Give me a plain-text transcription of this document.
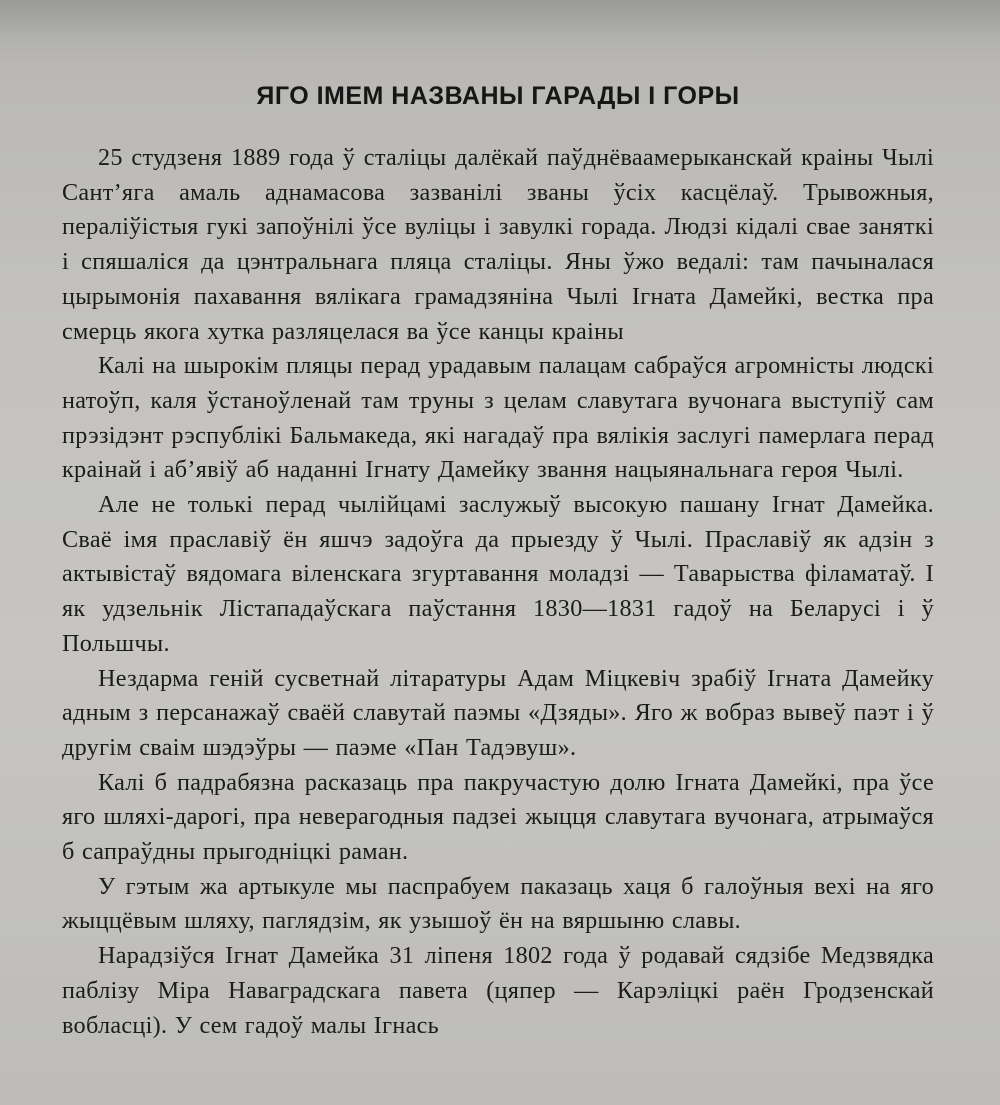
ЯГО ІМЕМ НАЗВАНЫ ГАРАДЫ І ГОРЫ

25 студзеня 1889 года ў сталіцы далёкай паўднёваамерыканскай краіны Чылі Сант’яга амаль аднамасова зазванілі званы ўсіх касцёлаў. Трывожныя, пераліўістыя гукі запоўнілі ўсе вуліцы і завулкі горада. Людзі кідалі свае заняткі і спяшаліся да цэнтральнага пляца сталіцы. Яны ўжо ведалі: там пачыналася цырымонія пахавання вялікага грамадзяніна Чылі Ігната Дамейкі, вестка пра смерць якога хутка разляцелася ва ўсе канцы краіны

Калі на шырокім пляцы перад урадавым палацам сабраўся агромністы людскі натоўп, каля ўстаноўленай там труны з целам славутага вучонага выступіў сам прэзідэнт рэспублікі Бальмакеда, які нагадаў пра вялікія заслугі памерлага перад краінай і аб’явіў аб наданні Ігнату Дамейку звання нацыянальнага героя Чылі.

Але не толькі перад чылійцамі заслужыў высокую пашану Ігнат Дамейка. Сваё імя праславіў ён яшчэ задоўга да прыезду ў Чылі. Праславіў як адзін з актывістаў вядомага віленскага згуртавання моладзі — Таварыства філаматаў. І як удзельнік Лістападаўскага паўстання 1830—1831 гадоў на Беларусі і ў Польшчы.

Нездарма геній сусветнай літаратуры Адам Міцкевіч зрабіў Ігната Дамейку адным з персанажаў сваёй славутай паэмы «Дзяды». Яго ж вобраз вывеў паэт і ў другім сваім шэдэўры — паэме «Пан Тадэвуш».

Калі б падрабязна расказаць пра пакручастую долю Ігната Дамейкі, пра ўсе яго шляхі-дарогі, пра неверагодныя падзеі жыцця славутага вучонага, атрымаўся б сапраўдны прыгодніцкі раман.

У гэтым жа артыкуле мы паспрабуем паказаць хаця б галоўныя вехі на яго жыццёвым шляху, паглядзім, як узышоў ён на вяршыню славы.

Нарадзіўся Ігнат Дамейка 31 ліпеня 1802 года ў родавай сядзібе Медзвядка паблізу Міра Наваградскага павета (цяпер — Карэліцкі раён Гродзенскай вобласці). У сем гадоў малы Ігнась
